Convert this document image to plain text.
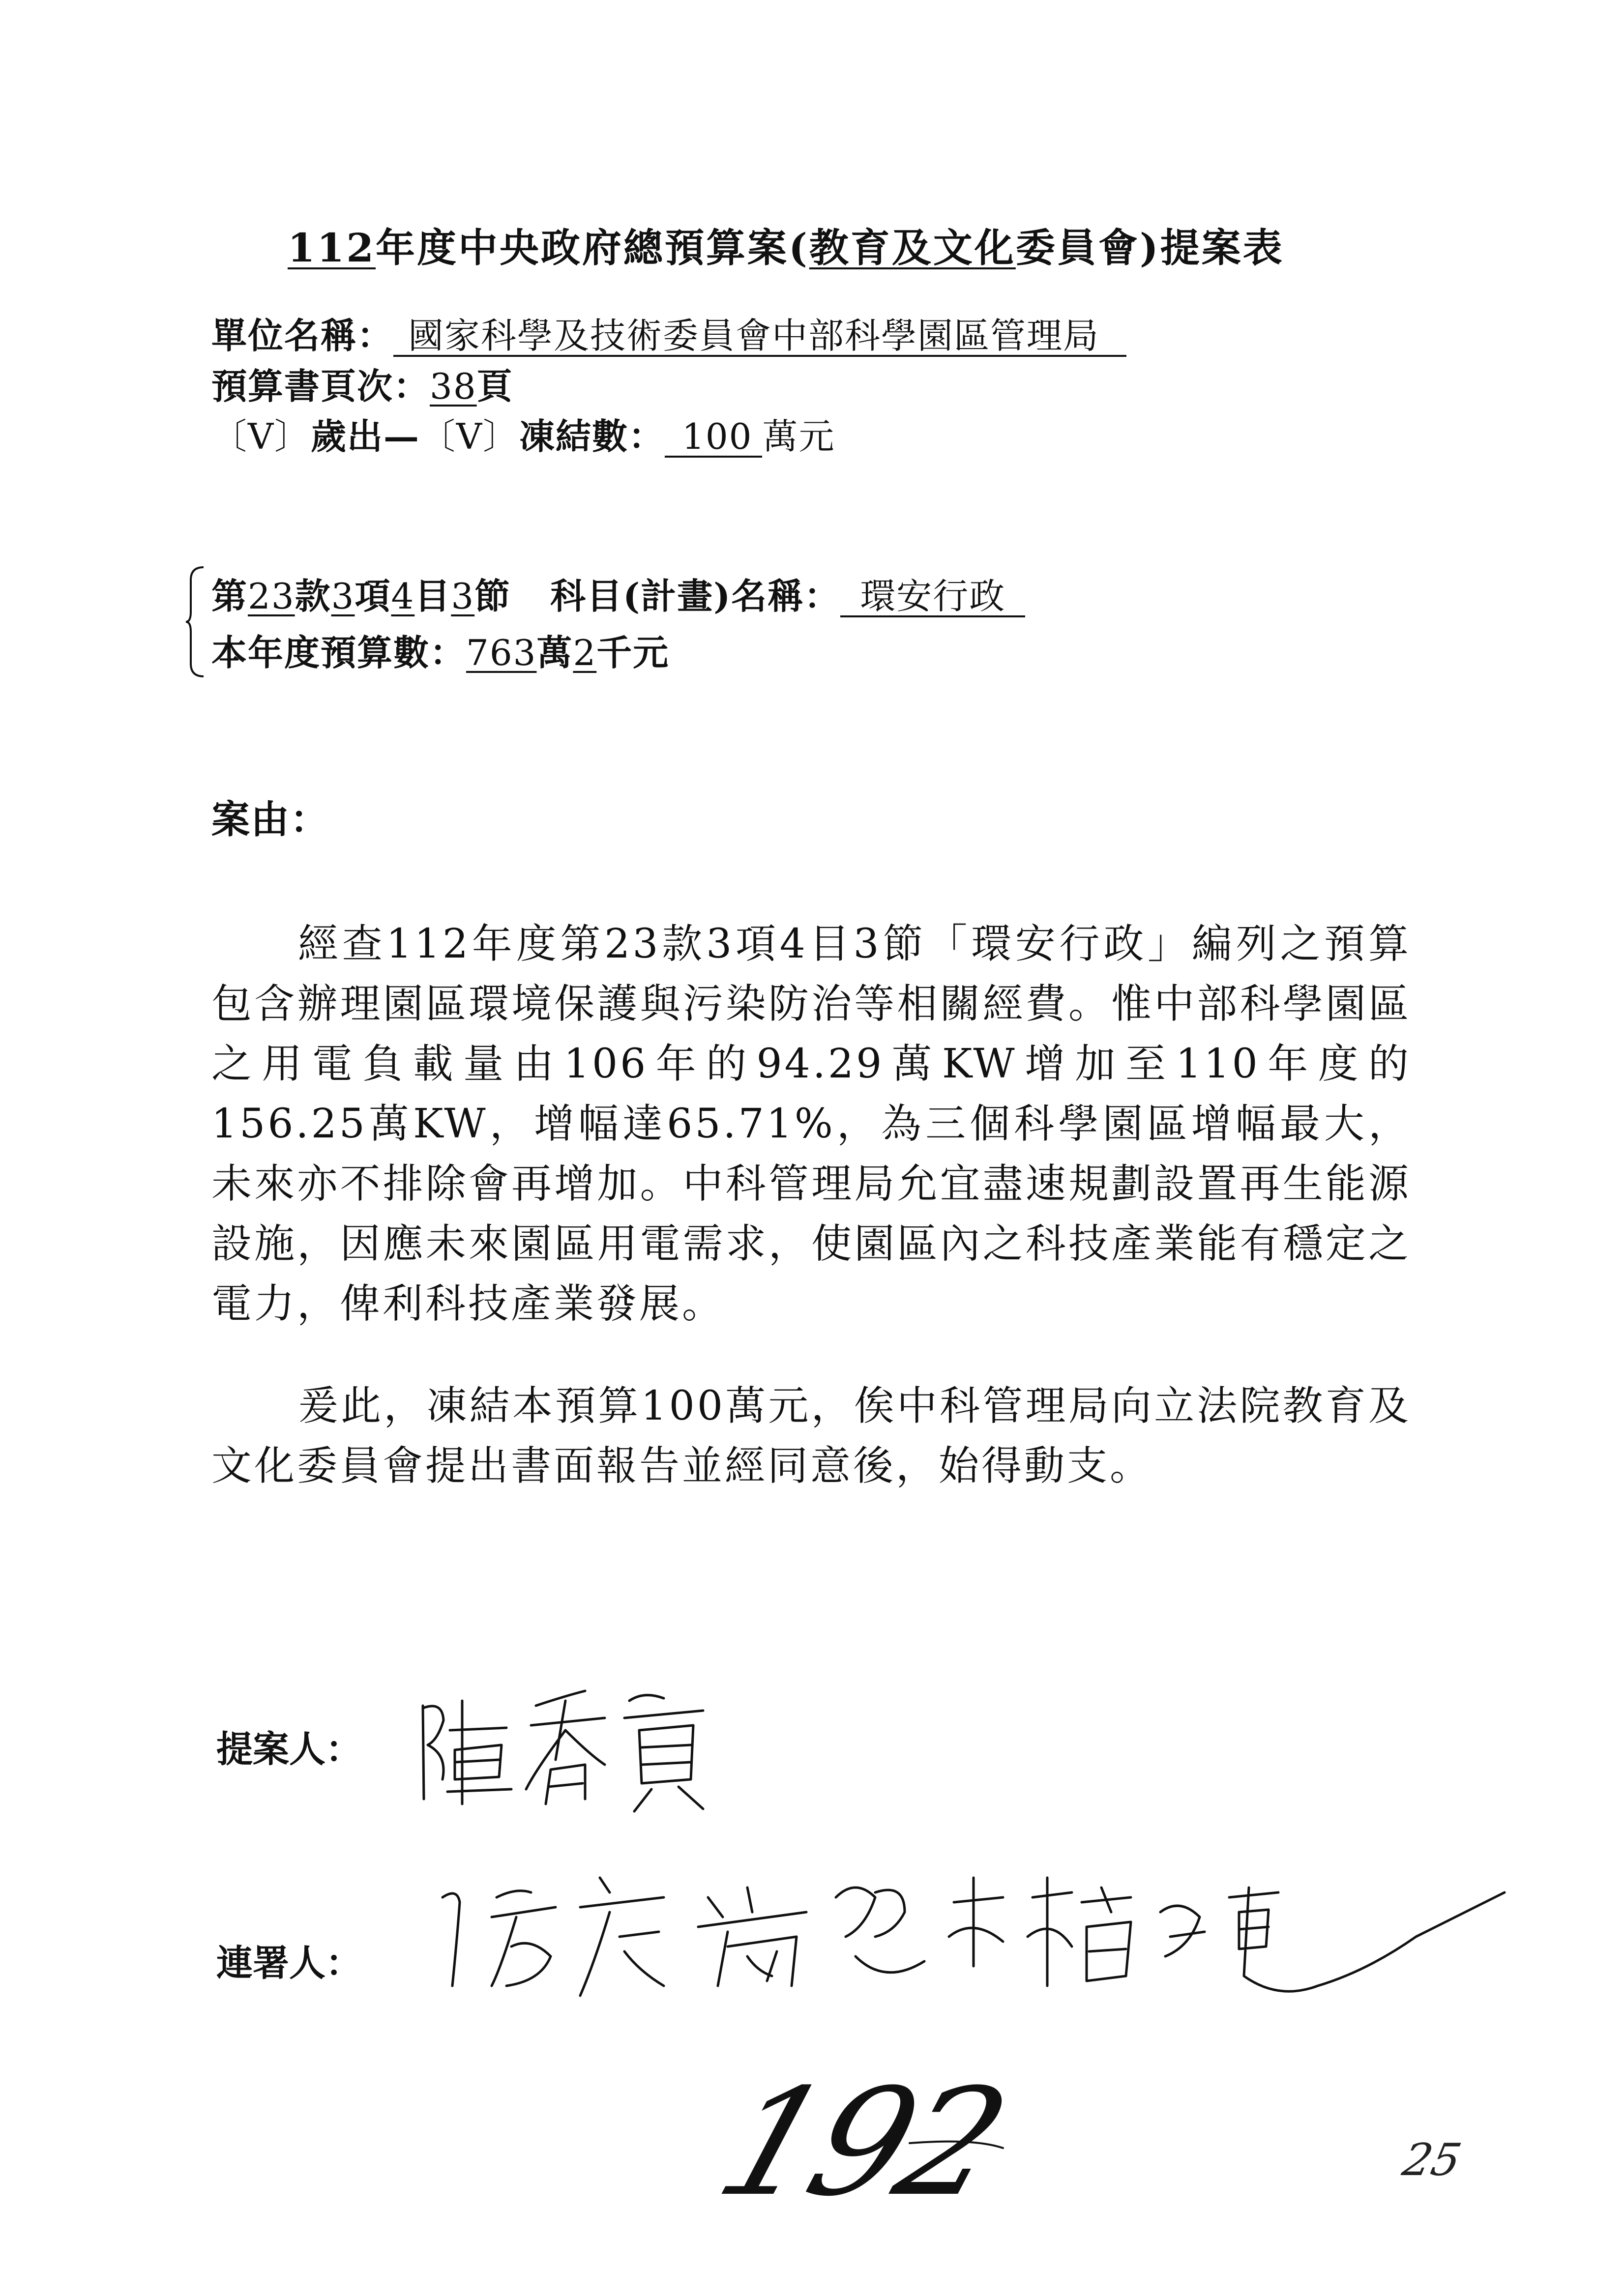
112年度中央政府總預算案(教育及文化委員會)提案表
單位名稱： 國家科學及技術委員會中部科學園區管理局
預算書頁次：38頁
〔V〕歲出—〔V〕凍結數： 100 萬元
第23款3項4目3節 科目(計畫)名稱： 環安行政
本年度預算數：763萬2千元
案由：
經查112年度第23款3項4目3節「環安行政」編列之預算包含辦理園區環境保護與污染防治等相關經費。惟中部科學園區之用電負載量由106年的94.29萬KW增加至110年度的156.25萬KW，增幅達65.71%，為三個科學園區增幅最大，未來亦不排除會再增加。中科管理局允宜盡速規劃設置再生能源設施，因應未來園區用電需求，使園區內之科技產業能有穩定之電力，俾利科技產業發展。
爰此，凍結本預算100萬元，俟中科管理局向立法院教育及文化委員會提出書面報告並經同意後，始得動支。
提案人：
連署人：
192	25
